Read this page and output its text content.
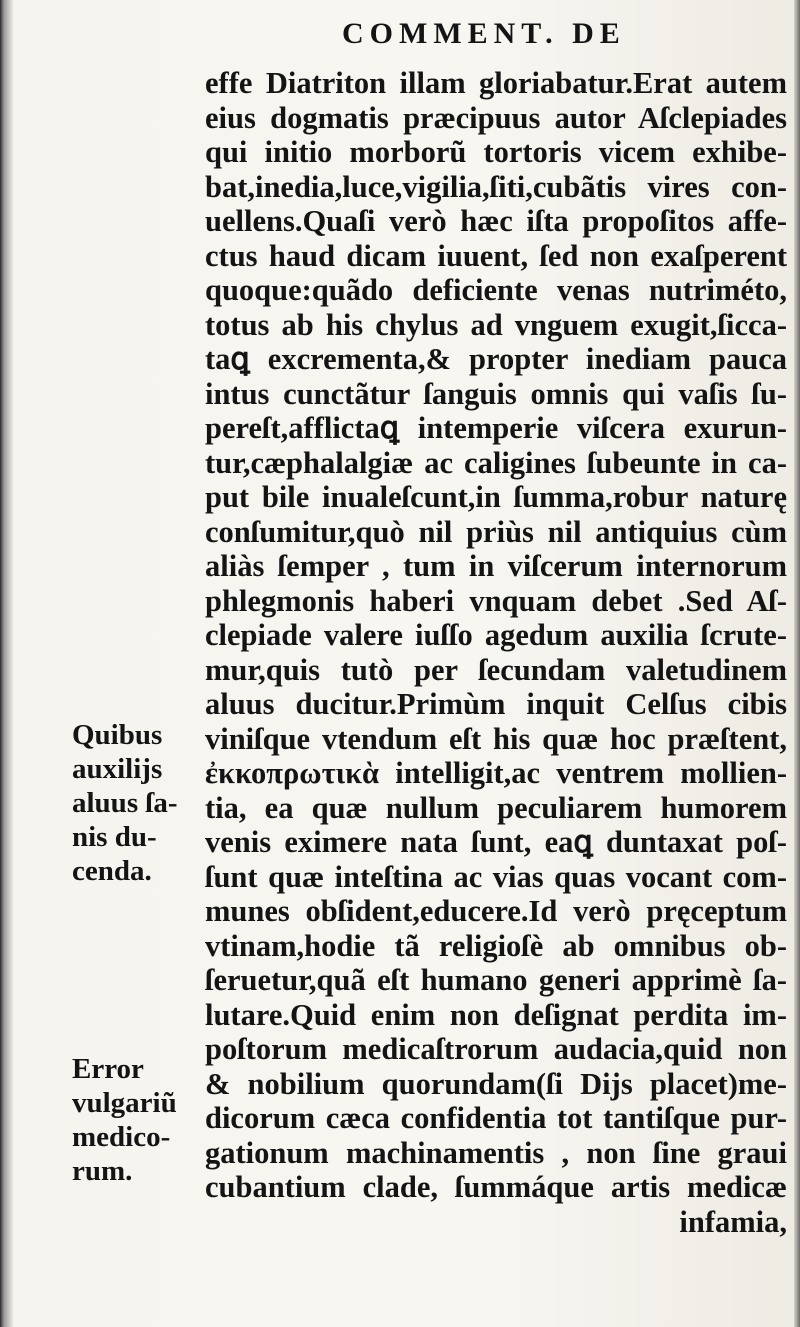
COMMENT. DE
effe Diatriton illam gloriabatur.Erat autem
eius dogmatis præcipuus autor Aſclepiades
qui initio morborũ tortoris vicem exhibe-
bat,inedia,luce,vigilia,ſiti,cubãtis vires con-
uellens.Quaſi verò hæc iſta propoſitos affe-
ctus haud dicam iuuent, ſed non exaſperent
quoque:quãdo deficiente venas nutriméto,
totus ab his chylus ad vnguem exugit,ſicca-
taꝗ excrementa,& propter inediam pauca
intus cunctãtur ſanguis omnis qui vaſis ſu-
pereſt,afflictaꝗ intemperie viſcera exurun-
tur,cæphalalgiæ ac caligines ſubeunte in ca-
put bile inualeſcunt,in ſumma,robur naturę
conſumitur,quò nil priùs nil antiquius cùm
aliàs ſemper , tum in viſcerum internorum
phlegmonis haberi vnquam debet .Sed Aſ-
clepiade valere iuſſo agedum auxilia ſcrute-
mur,quis tutò per ſecundam valetudinem
aluus ducitur.Primùm inquit Celſus cibis
viniſque vtendum eſt his quæ hoc præſtent,
ἐκκοπρωτικὰ intelligit,ac ventrem mollien-
tia, ea quæ nullum peculiarem humorem
venis eximere nata ſunt, eaꝗ duntaxat poſ-
ſunt quæ inteſtina ac vias quas vocant com-
munes obſident,educere.Id verò pręceptum
vtinam,hodie tã religioſè ab omnibus ob-
ſeruetur,quã eſt humano generi apprimè ſa-
lutare.Quid enim non deſignat perdita im-
poſtorum medicaſtrorum audacia,quid non
& nobilium quorundam(ſi Dijs placet)me-
dicorum cæca confidentia tot tantiſque pur-
gationum machinamentis , non ſine graui
cubantium clade, ſummáque artis medicæ
infamia,
Quibus
auxilijs
aluus ſa-
nis du-
cenda.
Error
vulgariũ
medico-
rum.
